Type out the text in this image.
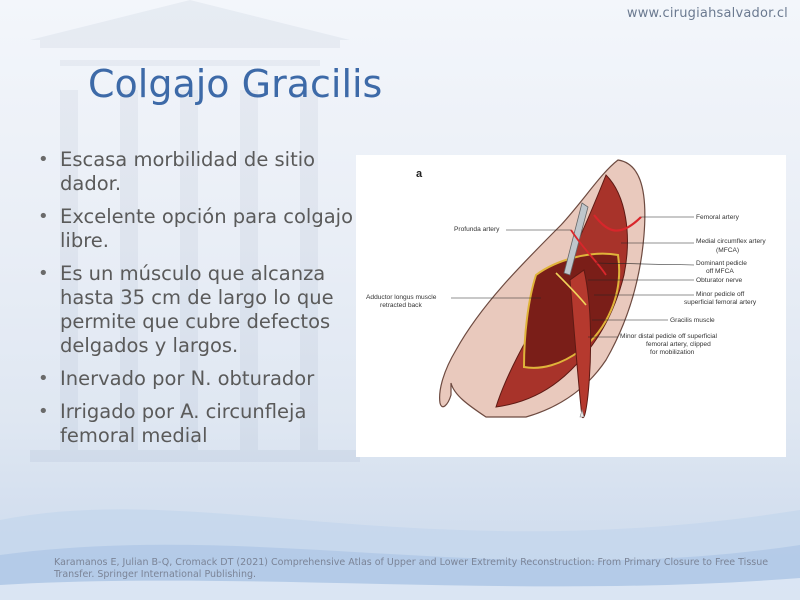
www.cirugiahsalvador.cl
Colgajo Gracilis
• Escasa morbilidad de sitio dador.
• Excelente opción para colgajo libre.
• Es un músculo que alcanza hasta 35 cm de largo lo que permite que cubre defectos delgados y largos.
• Inervado por N. obturador
• Irrigado por A. circunfleja femoral medial
a
Femoral artery
Profunda artery
Medial circumflex artery
(MFCA)
Dominant pedicle
off MFCA
Obturator nerve
Adductor longus muscle
retracted back
Minor pedicle off
superficial femoral artery
Gracilis muscle
Minor distal pedicle off superficial
femoral artery, clipped
for mobilization
Karamanos E, Julian B-Q, Cromack DT (2021) Comprehensive Atlas of Upper and Lower Extremity Reconstruction: From Primary Closure to Free Tissue Transfer. Springer International Publishing.
